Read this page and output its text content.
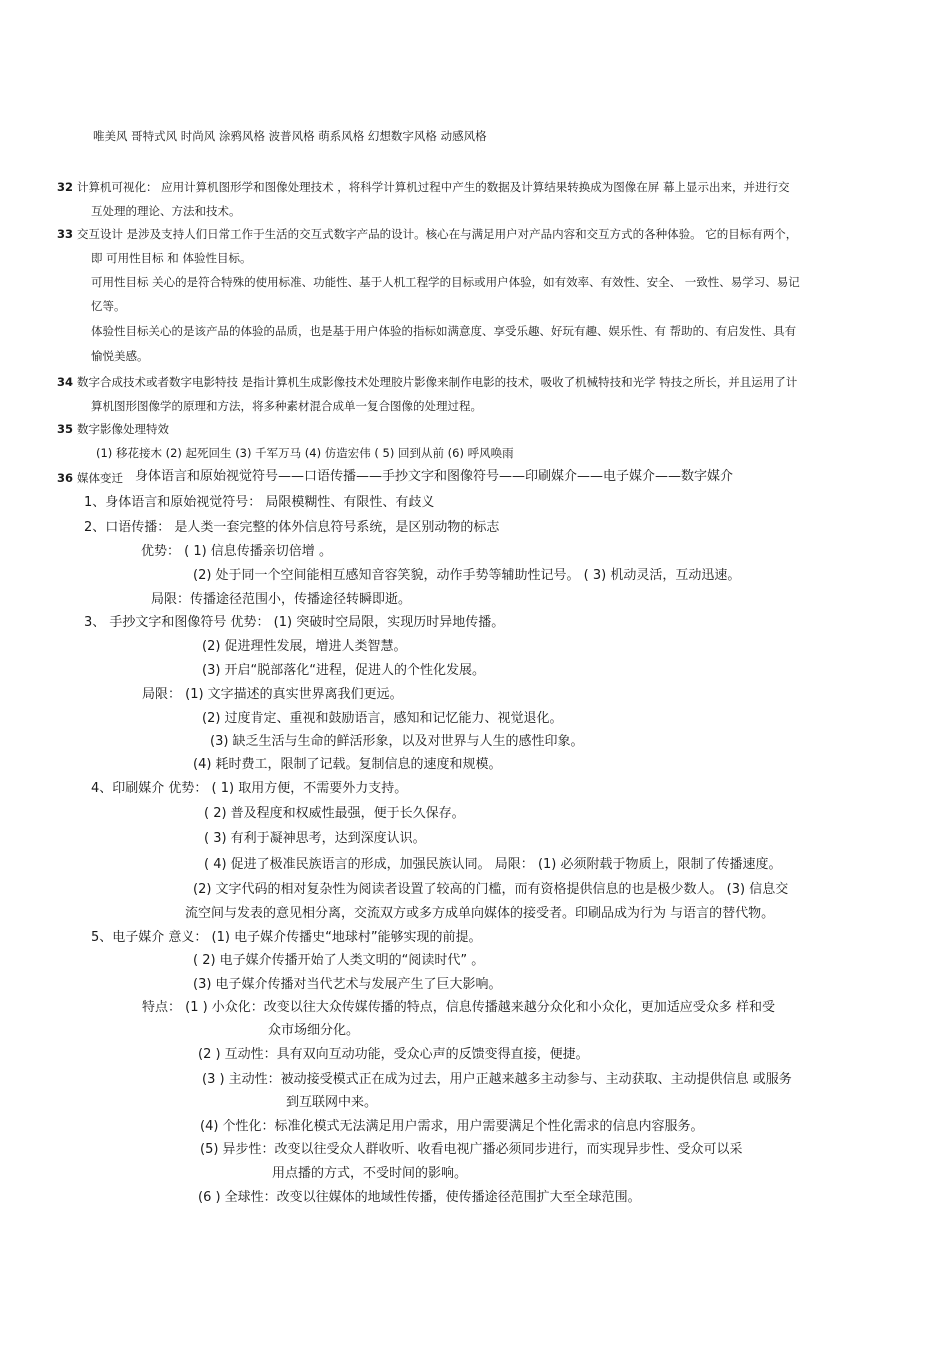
唯美风 哥特式风 时尚风 涂鸦风格 波普风格 萌系风格 幻想数字风格 动感风格
32 计算机可视化： 应用计算机图形学和图像处理技术 ，将科学计算机过程中产生的数据及计算结果转换成为图像在屏 幕上显示出来，并进行交
互处理的理论、方法和技术。
33 交互设计 是涉及支持人们日常工作于生活的交互式数字产品的设计。核心在与满足用户对产品内容和交互方式的各种体验。 它的目标有两个，
即 可用性目标 和 体验性目标。
可用性目标 关心的是符合特殊的使用标准、功能性、基于人机工程学的目标或用户体验，如有效率、有效性、安全、 一致性、易学习、易记
忆等。
体验性目标关心的是该产品的体验的品质，也是基于用户体验的指标如满意度、享受乐趣、好玩有趣、娱乐性、有 帮助的、有启发性、具有
愉悦美感。
34 数字合成技术或者数字电影特技 是指计算机生成影像技术处理胶片影像来制作电影的技术，吸收了机械特技和光学 特技之所长，并且运用了计
算机图形图像学的原理和方法，将多种素材混合成单一复合图像的处理过程。
35 数字影像处理特效
(1) 移花接木 (2) 起死回生 (3) 千军万马 (4) 仿造宏伟 ( 5) 回到从前 (6) 呼风唤雨
36 媒体变迁 身体语言和原始视觉符号——口语传播——手抄文字和图像符号——印刷媒介——电子媒介——数字媒介
1、身体语言和原始视觉符号： 局限模糊性、有限性、有歧义
2、口语传播： 是人类一套完整的体外信息符号系统，是区别动物的标志
优势： ( 1) 信息传播亲切倍增 。
(2) 处于同一个空间能相互感知音容笑貌，动作手势等辅助性记号。 ( 3) 机动灵活，互动迅速。
局限：传播途径范围小，传播途径转瞬即逝。
3、 手抄文字和图像符号 优势： (1) 突破时空局限，实现历时异地传播。
(2) 促进理性发展，增进人类智慧。
(3) 开启“脱部落化“进程，促进人的个性化发展。
局限： (1) 文字描述的真实世界离我们更远。
(2) 过度肯定、重视和鼓励语言，感知和记忆能力、视觉退化。
(3) 缺乏生活与生命的鲜活形象，以及对世界与人生的感性印象。
(4) 耗时费工，限制了记载。复制信息的速度和规模。
4、印刷媒介 优势： ( 1) 取用方便，不需要外力支持。
( 2) 普及程度和权威性最强，便于长久保存。
( 3) 有利于凝神思考，达到深度认识。
( 4) 促进了极准民族语言的形成，加强民族认同。 局限： (1) 必须附载于物质上，限制了传播速度。
(2) 文字代码的相对复杂性为阅读者设置了较高的门槛，而有资格提供信息的也是极少数人。 (3) 信息交
流空间与发表的意见相分离，交流双方或多方成单向媒体的接受者。印刷品成为行为 与语言的替代物。
5、电子媒介 意义： (1) 电子媒介传播史“地球村”能够实现的前提。
( 2) 电子媒介传播开始了人类文明的“阅读时代” 。
(3) 电子媒介传播对当代艺术与发展产生了巨大影响。
特点： (1 ) 小众化：改变以往大众传媒传播的特点，信息传播越来越分众化和小众化，更加适应受众多 样和受
众市场细分化。
(2 ) 互动性：具有双向互动功能，受众心声的反馈变得直接，便捷。
(3 ) 主动性：被动接受模式正在成为过去，用户正越来越多主动参与、主动获取、主动提供信息 或服务
到互联网中来。
(4) 个性化：标准化模式无法满足用户需求，用户需要满足个性化需求的信息内容服务。
(5) 异步性：改变以往受众人群收听、收看电视广播必须同步进行，而实现异步性、受众可以采
用点播的方式，不受时间的影响。
(6 ) 全球性：改变以往媒体的地域性传播，使传播途径范围扩大至全球范围。
